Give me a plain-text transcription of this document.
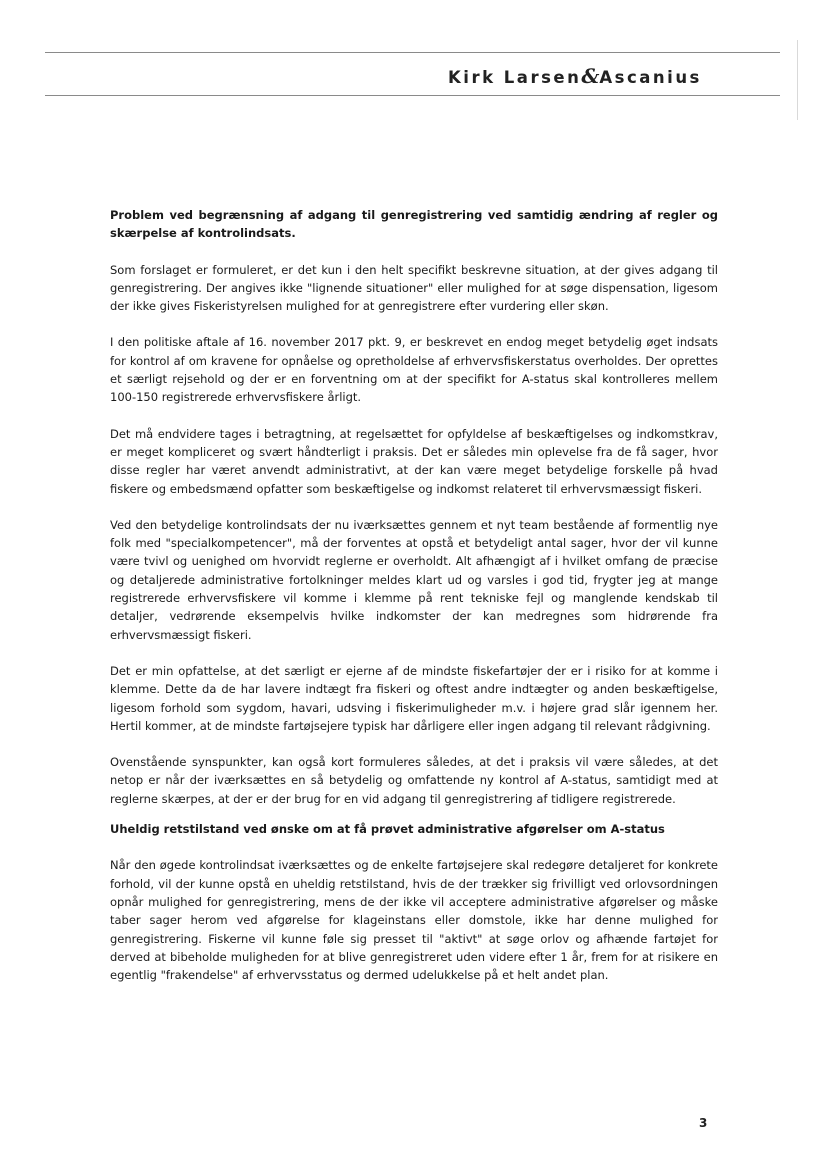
Kirk Larsen&Ascanius

Problem ved begrænsning af adgang til genregistrering ved samtidig ændring af regler og skærpelse af kontrolindsats.

Som forslaget er formuleret, er det kun i den helt specifikt beskrevne situation, at der gives adgang til genregistrering. Der angives ikke "lignende situationer" eller mulighed for at søge dispensation, ligesom der ikke gives Fiskeristyrelsen mulighed for at genregistrere efter vurdering eller skøn.

I den politiske aftale af 16. november 2017 pkt. 9, er beskrevet en endog meget betydelig øget indsats for kontrol af om kravene for opnåelse og opretholdelse af erhvervsfiskerstatus overholdes. Der oprettes et særligt rejsehold og der er en forventning om at der specifikt for A-status skal kontrolleres mellem 100-150 registrerede erhvervsfiskere årligt.

Det må endvidere tages i betragtning, at regelsættet for opfyldelse af beskæftigelses og indkomstkrav, er meget kompliceret og svært håndterligt i praksis. Det er således min oplevelse fra de få sager, hvor disse regler har været anvendt administrativt, at der kan være meget betydelige forskelle på hvad fiskere og embedsmænd opfatter som beskæftigelse og indkomst relateret til erhvervsmæssigt fiskeri.

Ved den betydelige kontrolindsats der nu iværksættes gennem et nyt team bestående af formentlig nye folk med "specialkompetencer", må der forventes at opstå et betydeligt antal sager, hvor der vil kunne være tvivl og uenighed om hvorvidt reglerne er overholdt. Alt afhængigt af i hvilket omfang de præcise og detaljerede administrative fortolkninger meldes klart ud og varsles i god tid, frygter jeg at mange registrerede erhvervsfiskere vil komme i klemme på rent tekniske fejl og manglende kendskab til detaljer, vedrørende eksempelvis hvilke indkomster der kan medregnes som hidrørende fra erhvervsmæssigt fiskeri.

Det er min opfattelse, at det særligt er ejerne af de mindste fiskefartøjer der er i risiko for at komme i klemme. Dette da de har lavere indtægt fra fiskeri og oftest andre indtægter og anden beskæftigelse, ligesom forhold som sygdom, havari, udsving i fiskerimuligheder m.v. i højere grad slår igennem her. Hertil kommer, at de mindste fartøjsejere typisk har dårligere eller ingen adgang til relevant rådgivning.

Ovenstående synspunkter, kan også kort formuleres således, at det i praksis vil være således, at det netop er når der iværksættes en så betydelig og omfattende ny kontrol af A-status, samtidigt med at reglerne skærpes, at der er der brug for en vid adgang til genregistrering af tidligere registrerede.

Uheldig retstilstand ved ønske om at få prøvet administrative afgørelser om A-status

Når den øgede kontrolindsat iværksættes og de enkelte fartøjsejere skal redegøre detaljeret for konkrete forhold, vil der kunne opstå en uheldig retstilstand, hvis de der trækker sig frivilligt ved orlovsordningen opnår mulighed for genregistrering, mens de der ikke vil acceptere administrative afgørelser og måske taber sager herom ved afgørelse for klageinstans eller domstole, ikke har denne mulighed for genregistrering. Fiskerne vil kunne føle sig presset til "aktivt" at søge orlov og afhænde fartøjet for derved at bibeholde muligheden for at blive genregistreret uden videre efter 1 år, frem for at risikere en egentlig "frakendelse" af erhvervsstatus og dermed udelukkelse på et helt andet plan.

3
